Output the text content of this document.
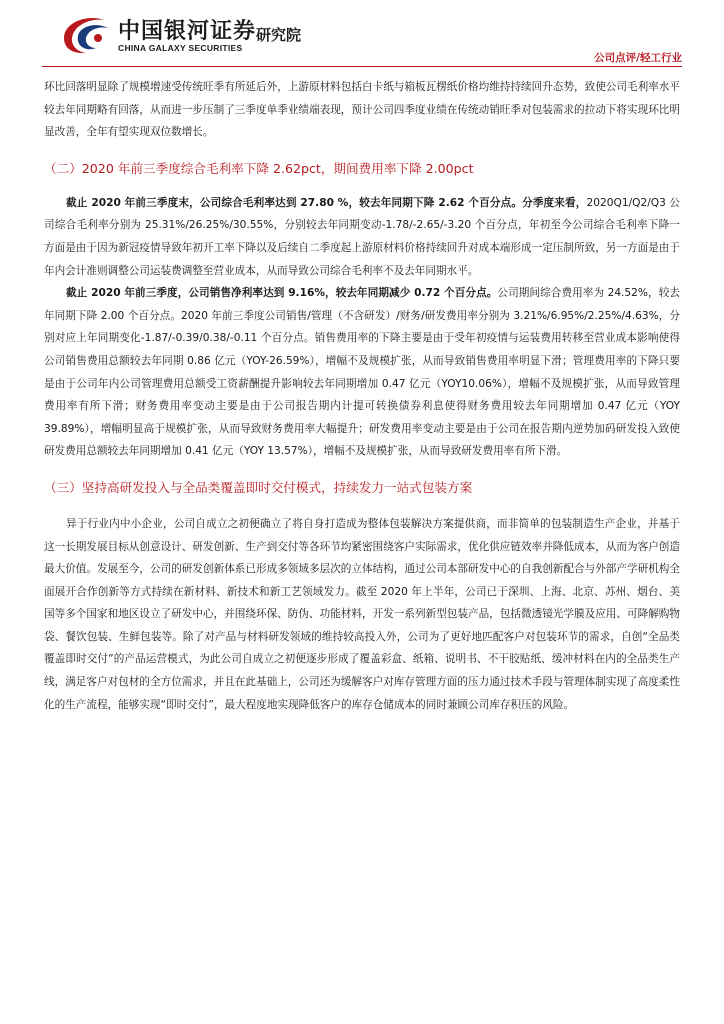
中国银河证券
CHINA GALAXY SECURITIES
研究院
公司点评/轻工行业

环比回落明显除了规模增速受传统旺季有所延后外，上游原材料包括白卡纸与箱板瓦楞纸价格均维持持续回升态势，致使公司毛利率水平较去年同期略有回落，从而进一步压制了三季度单季业绩端表现，预计公司四季度业绩在传统动销旺季对包装需求的拉动下将实现环比明显改善，全年有望实现双位数增长。

（二）2020 年前三季度综合毛利率下降 2.62pct，期间费用率下降 2.00pct

截止 2020 年前三季度末，公司综合毛利率达到 27.80 %，较去年同期下降 2.62 个百分点。分季度来看，2020Q1/Q2/Q3 公司综合毛利率分别为 25.31%/26.25%/30.55%，分别较去年同期变动-1.78/-2.65/-3.20 个百分点，年初至今公司综合毛利率下降一方面是由于因为新冠疫情导致年初开工率下降以及后续自二季度起上游原材料价格持续回升对成本端形成一定压制所致，另一方面是由于年内会计准则调整公司运装费调整至营业成本，从而导致公司综合毛利率不及去年同期水平。

截止 2020 年前三季度，公司销售净利率达到 9.16%，较去年同期减少 0.72 个百分点。公司期间综合费用率为 24.52%，较去年同期下降 2.00 个百分点。2020 年前三季度公司销售/管理（不含研发）/财务/研发费用率分别为 3.21%/6.95%/2.25%/4.63%，分别对应上年同期变化-1.87/-0.39/0.38/-0.11 个百分点。销售费用率的下降主要是由于受年初疫情与运装费用转移至营业成本影响使得公司销售费用总额较去年同期 0.86 亿元（YOY-26.59%），增幅不及规模扩张，从而导致销售费用率明显下滑；管理费用率的下降只要是由于公司年内公司管理费用总额受工资薪酬提升影响较去年同期增加 0.47 亿元（YOY10.06%），增幅不及规模扩张，从而导致管理费用率有所下滑；财务费用率变动主要是由于公司报告期内计提可转换债券利息使得财务费用较去年同期增加 0.47 亿元（YOY 39.89%），增幅明显高于规模扩张，从而导致财务费用率大幅提升；研发费用率变动主要是由于公司在报告期内逆势加码研发投入致使研发费用总额较去年同期增加 0.41 亿元（YOY 13.57%），增幅不及规模扩张，从而导致研发费用率有所下滑。

（三）坚持高研发投入与全品类覆盖即时交付模式，持续发力一站式包装方案

异于行业内中小企业，公司自成立之初便确立了将自身打造成为整体包装解决方案提供商，而非简单的包装制造生产企业，并基于这一长期发展目标从创意设计、研发创新、生产到交付等各环节均紧密围绕客户实际需求，优化供应链效率并降低成本，从而为客户创造最大价值。发展至今，公司的研发创新体系已形成多领域多层次的立体结构，通过公司本部研发中心的自我创新配合与外部产学研机构全面展开合作创新等方式持续在新材料、新技术和新工艺领域发力。截至 2020 年上半年，公司已于深圳、上海、北京、苏州、烟台、美国等多个国家和地区设立了研发中心，并围绕环保、防伪、功能材料，开发一系列新型包装产品，包括微透镜光学膜及应用、可降解购物袋、餐饮包装、生鲜包装等。除了对产品与材料研发领域的维持较高投入外，公司为了更好地匹配客户对包装环节的需求，自创“全品类覆盖即时交付”的产品运营模式，为此公司自成立之初便逐步形成了覆盖彩盒、纸箱、说明书、不干胶贴纸、缓冲材料在内的全品类生产线，满足客户对包材的全方位需求，并且在此基础上，公司还为缓解客户对库存管理方面的压力通过技术手段与管理体制实现了高度柔性化的生产流程，能够实现“即时交付”，最大程度地实现降低客户的库存仓储成本的同时兼顾公司库存积压的风险。
